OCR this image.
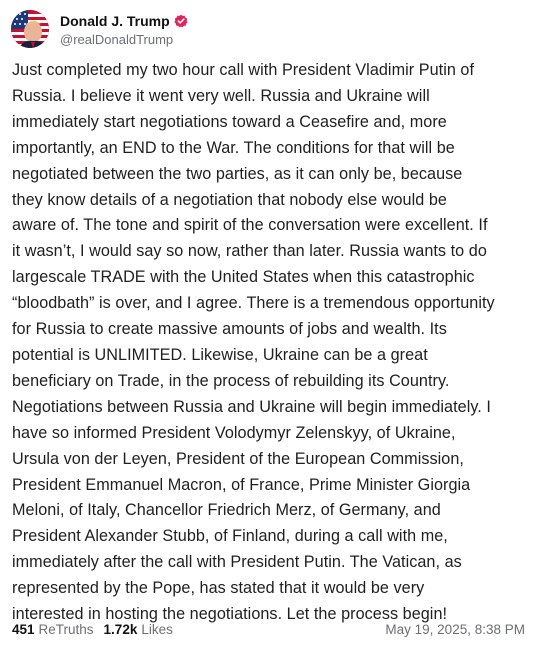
Donald J. Trump
@realDonaldTrump
Just completed my two hour call with President Vladimir Putin of
Russia. I believe it went very well. Russia and Ukraine will
immediately start negotiations toward a Ceasefire and, more
importantly, an END to the War. The conditions for that will be
negotiated between the two parties, as it can only be, because
they know details of a negotiation that nobody else would be
aware of. The tone and spirit of the conversation were excellent. If
it wasn’t, I would say so now, rather than later. Russia wants to do
largescale TRADE with the United States when this catastrophic
“bloodbath” is over, and I agree. There is a tremendous opportunity
for Russia to create massive amounts of jobs and wealth. Its
potential is UNLIMITED. Likewise, Ukraine can be a great
beneficiary on Trade, in the process of rebuilding its Country.
Negotiations between Russia and Ukraine will begin immediately. I
have so informed President Volodymyr Zelenskyy, of Ukraine,
Ursula von der Leyen, President of the European Commission,
President Emmanuel Macron, of France, Prime Minister Giorgia
Meloni, of Italy, Chancellor Friedrich Merz, of Germany, and
President Alexander Stubb, of Finland, during a call with me,
immediately after the call with President Putin. The Vatican, as
represented by the Pope, has stated that it would be very
interested in hosting the negotiations. Let the process begin!
451 ReTruths 1.72k Likes	May 19, 2025, 8:38 PM
